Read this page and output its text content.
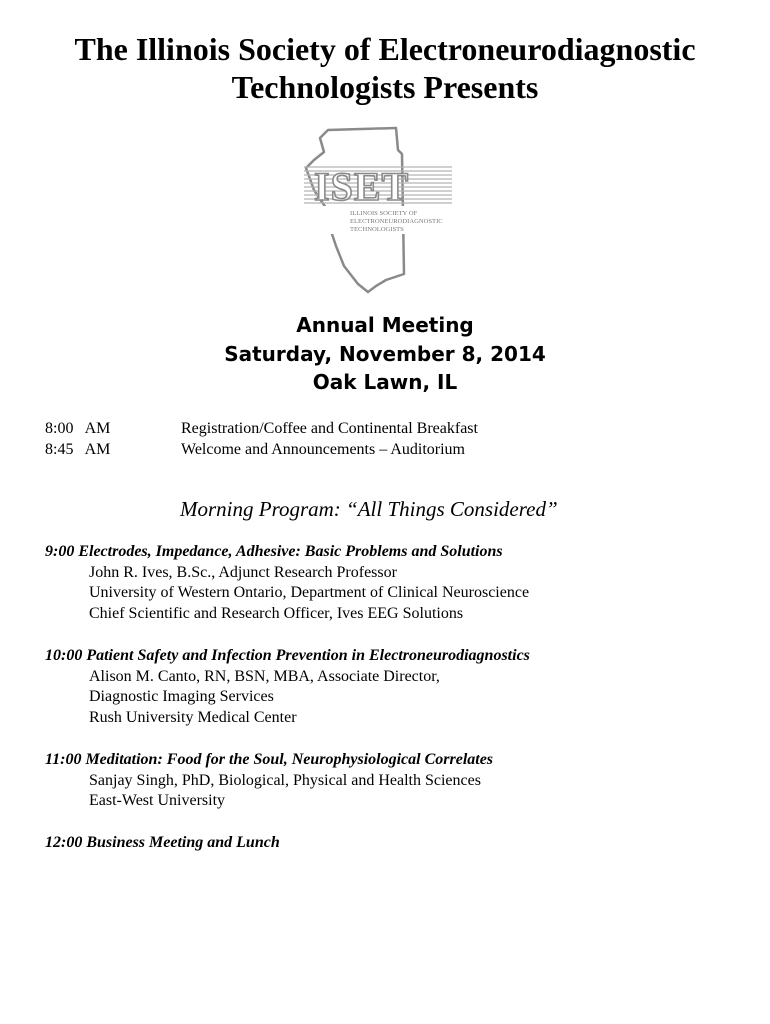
The Illinois Society of Electroneurodiagnostic
Technologists Presents
ISET
ILLINOIS SOCIETY OF
ELECTRONEURODIAGNOSTIC
TECHNOLOGISTS
Annual Meeting
Saturday, November 8, 2014
Oak Lawn, IL
8:00   AM	Registration/Coffee and Continental Breakfast
8:45   AM	Welcome and Announcements – Auditorium
Morning Program: “All Things Considered”
9:00 Electrodes, Impedance, Adhesive: Basic Problems and Solutions
John R. Ives, B.Sc., Adjunct Research Professor
University of Western Ontario, Department of Clinical Neuroscience
Chief Scientific and Research Officer, Ives EEG Solutions
10:00 Patient Safety and Infection Prevention in Electroneurodiagnostics
Alison M. Canto, RN, BSN, MBA, Associate Director,
Diagnostic Imaging Services
Rush University Medical Center
11:00 Meditation: Food for the Soul, Neurophysiological Correlates
Sanjay Singh, PhD, Biological, Physical and Health Sciences
East-West University
12:00 Business Meeting and Lunch
